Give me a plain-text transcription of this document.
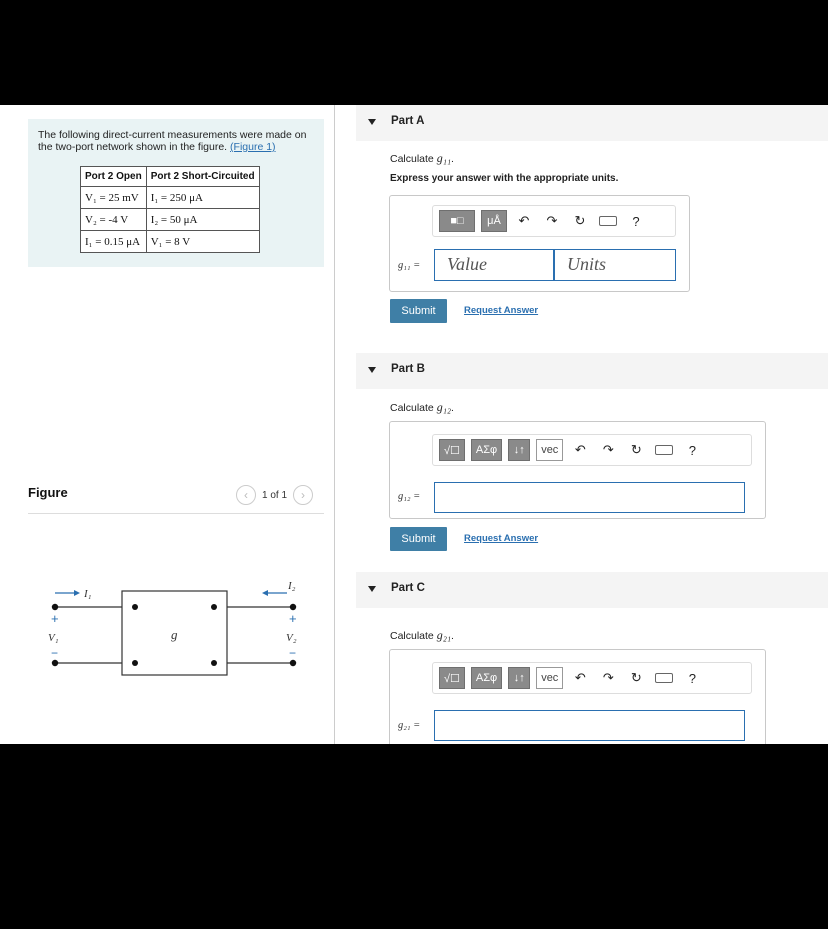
The following direct-current measurements were made on the two-port network shown in the figure. (Figure 1)
Port 2 Open	Port 2 Short-Circuited
V₁ = 25 mV	I₁ = 250 μA
V₂ = -4 V	I₂ = 50 μA
I₁ = 0.15 μA	V₁ = 8 V
Figure	‹	1 of 1	›
I₁
I₂
+
V₁
−
+
V₂
−
g
Part A
Calculate g₁₁.
Express your answer with the appropriate units.
■□	μÅ	↶	↷	↻	?
g₁₁ =	Value	Units
Submit	Request Answer
Part B
Calculate g₁₂.
√☐	ΑΣφ	↓↑	vec	↶	↷	↻	?
g₁₂ =
Submit	Request Answer
Part C
Calculate g₂₁.
√☐	ΑΣφ	↓↑	vec	↶	↷	↻	?
g₂₁ =
